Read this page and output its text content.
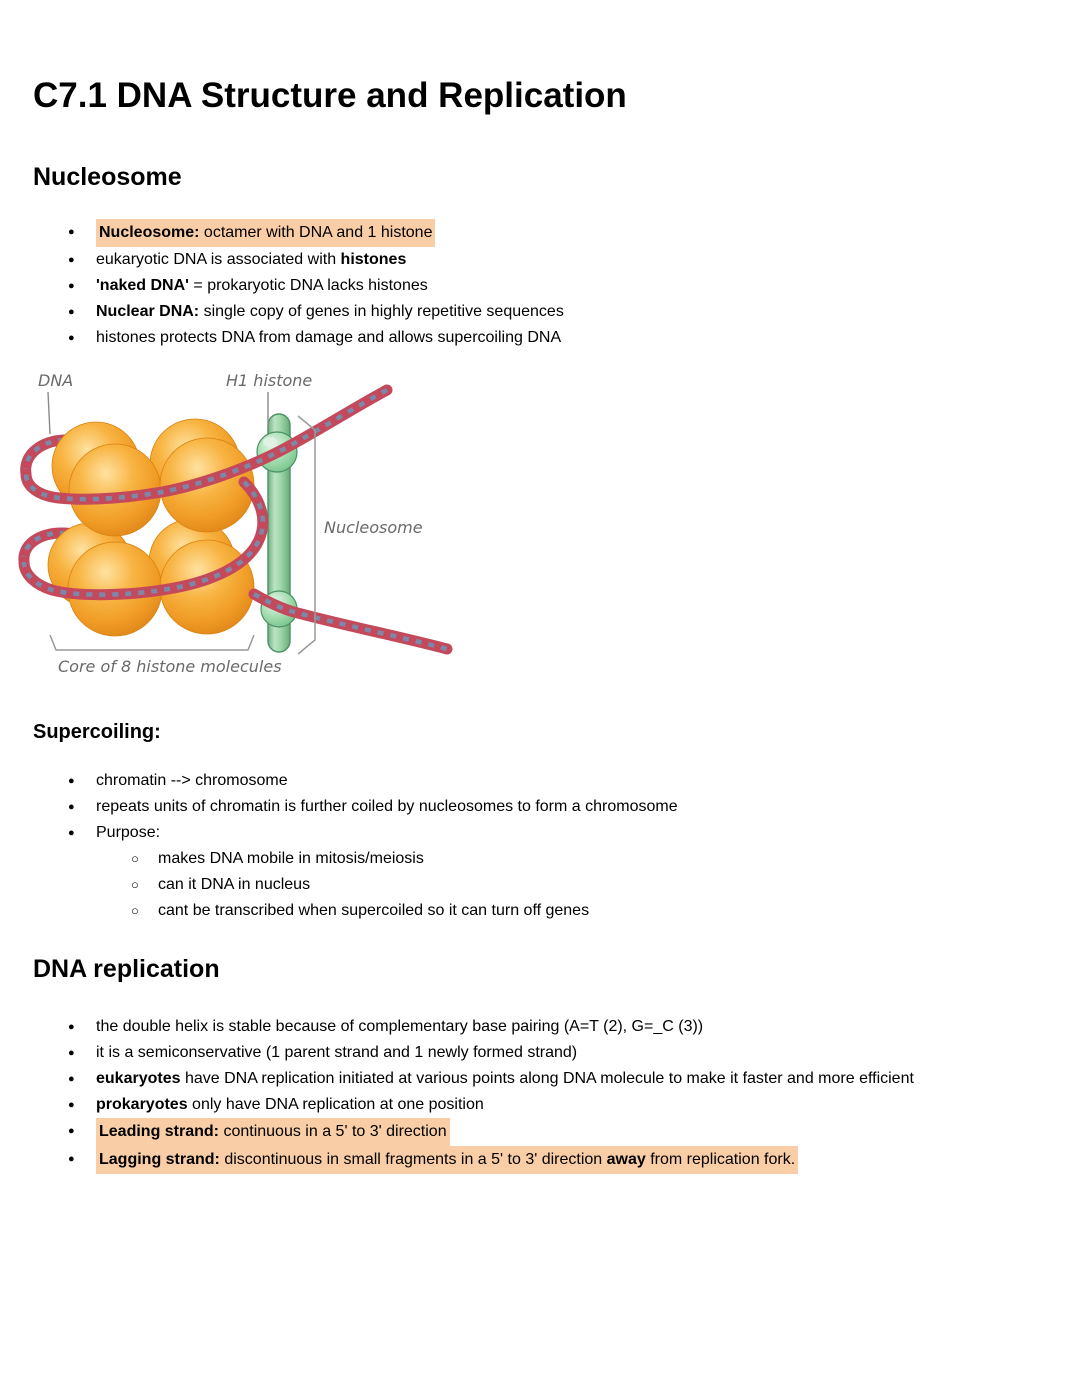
C7.1 DNA Structure and Replication
Nucleosome
●	Nucleosome: octamer with DNA and 1 histone
●	eukaryotic DNA is associated with histones
●	'naked DNA' = prokaryotic DNA lacks histones
●	Nuclear DNA: single copy of genes in highly repetitive sequences
●	histones protects DNA from damage and allows supercoiling DNA
DNA	H1 histone
Nucleosome
Core of 8 histone molecules
Supercoiling:
●	chromatin --> chromosome
●	repeats units of chromatin is further coiled by nucleosomes to form a chromosome
●	Purpose:
○	makes DNA mobile in mitosis/meiosis
○	can it DNA in nucleus
○	cant be transcribed when supercoiled so it can turn off genes
DNA replication
●	the double helix is stable because of complementary base pairing (A=T (2), G=_C (3))
●	it is a semiconservative (1 parent strand and 1 newly formed strand)
●	eukaryotes have DNA replication initiated at various points along DNA molecule to make it faster and more efficient
●	prokaryotes only have DNA replication at one position
●	Leading strand: continuous in a 5' to 3' direction
●	Lagging strand: discontinuous in small fragments in a 5' to 3' direction away from replication fork.
